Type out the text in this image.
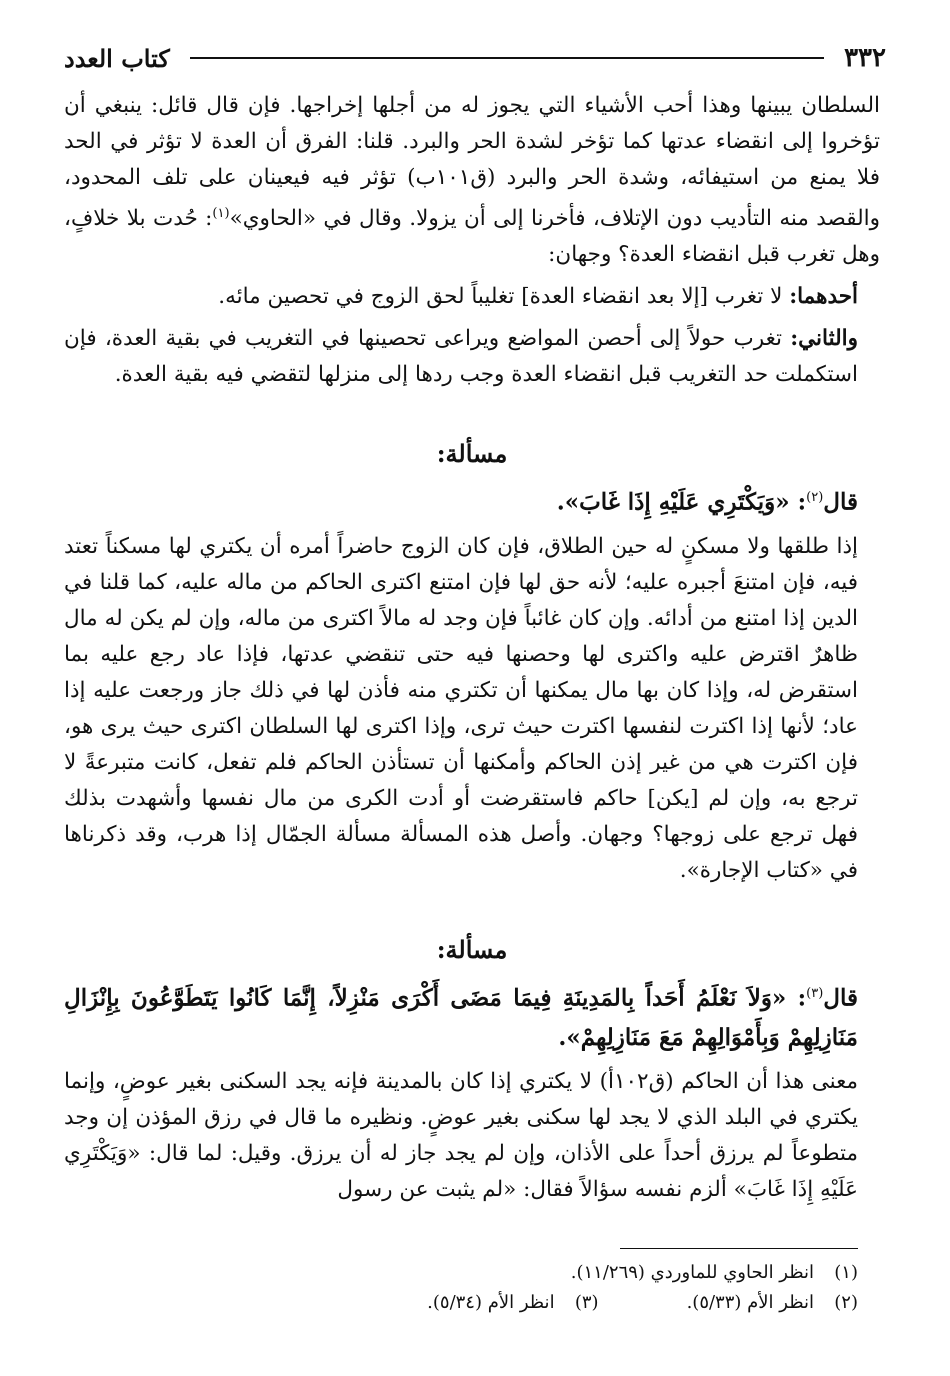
٣٣٢
كتاب العدد

السلطان يبينها وهذا أحب الأشياء التي يجوز له من أجلها إخراجها. فإن قال قائل: ينبغي أن تؤخروا إلى انقضاء عدتها كما تؤخر لشدة الحر والبرد. قلنا: الفرق أن العدة لا تؤثر في الحد فلا يمنع من استيفائه، وشدة الحر والبرد (ق١٠١ب) تؤثر فيه فيعينان على تلف المحدود، والقصد منه التأديب دون الإتلاف، فأخرنا إلى أن يزولا. وقال في «الحاوي»$^{(١)}$: حُدت بلا خلافٍ، وهل تغرب قبل انقضاء العدة؟ وجهان:

أحدهما: لا تغرب [إلا بعد انقضاء العدة] تغليباً لحق الزوج في تحصين مائه.

والثاني: تغرب حولاً إلى أحصن المواضع ويراعى تحصينها في التغريب في بقية العدة، فإن استكملت حد التغريب قبل انقضاء العدة وجب ردها إلى منزلها لتقضي فيه بقية العدة.

مسألة:

قال$^{(٢)}$: «وَيَكْتَرِي عَلَيْهِ إِذَا غَابَ».

إذا طلقها ولا مسكنٍ له حين الطلاق، فإن كان الزوج حاضراً أمره أن يكتري لها مسكناً تعتد فيه، فإن امتنعَ أجبره عليه؛ لأنه حق لها فإن امتنع اكترى الحاكم من ماله عليه، كما قلنا في الدين إذا امتنع من أدائه. وإن كان غائباً فإن وجد له مالاً اكترى من ماله، وإن لم يكن له مال ظاهرٌ اقترض عليه واكترى لها وحصنها فيه حتى تنقضي عدتها، فإذا عاد رجع عليه بما استقرض له، وإذا كان بها مال يمكنها أن تكتري منه فأذن لها في ذلك جاز ورجعت عليه إذا عاد؛ لأنها إذا اكترت لنفسها اكترت حيث ترى، وإذا اكترى لها السلطان اكترى حيث يرى هو، فإن اكترت هي من غير إذن الحاكم وأمكنها أن تستأذن الحاكم فلم تفعل، كانت متبرعةً لا ترجع به، وإن لم [يكن] حاكم فاستقرضت أو أدت الكرى من مال نفسها وأشهدت بذلك فهل ترجع على زوجها؟ وجهان. وأصل هذه المسألة مسألة الجمّال إذا هرب، وقد ذكرناها في «كتاب الإجارة».

مسألة:

قال$^{(٣)}$: «وَلاَ نَعْلَمُ أَحَداً بِالمَدِينَةِ فِيمَا مَضَى أَكْرَى مَنْزِلاً، إِنَّمَا كَانُوا يَتَطَوَّعُونَ بِإِنْزَالِ مَنَازِلِهِمْ وَبِأَمْوَالِهِمْ مَعَ مَنَازِلِهِمْ».

معنى هذا أن الحاكم (ق١٠٢أ) لا يكتري إذا كان بالمدينة فإنه يجد السكنى بغير عوضٍ، وإنما يكتري في البلد الذي لا يجد لها سكنى بغير عوضٍ. ونظيره ما قال في رزق المؤذن إن وجد متطوعاً لم يرزق أحداً على الأذان، وإن لم يجد جاز له أن يرزق. وقيل: لما قال: «وَيَكْتَرِي عَلَيْهِ إِذَا غَابَ» ألزم نفسه سؤالاً فقال: «لم يثبت عن رسول

(١)انظر الحاوي للماوردي (١١/٢٦٩).
(٢)انظر الأم (٥/٣٣).
(٣)انظر الأم (٥/٣٤).
